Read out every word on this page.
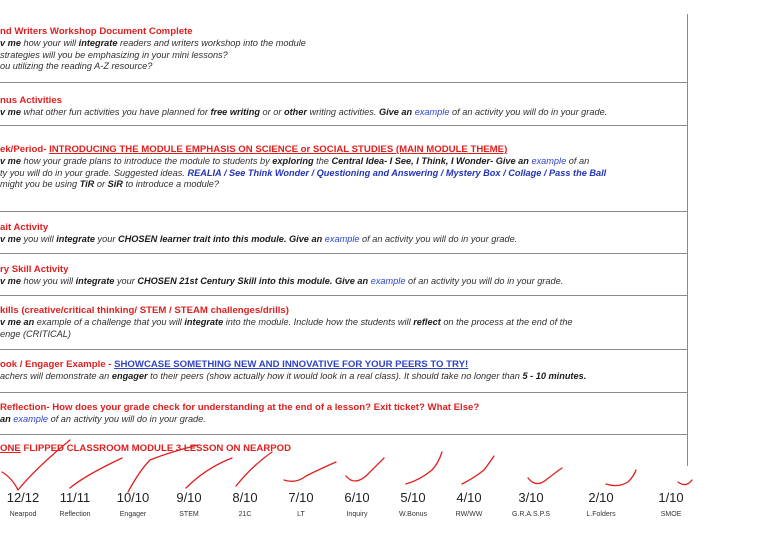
nd Writers Workshop Document Complete
v me how your will integrate readers and writers workshop into the module
strategies will you be emphasizing in your mini lessons?
ou utilizing the reading A-Z resource?
nus Activities
v me what other fun activities you have planned for free writing or or other writing activities. Give an example of an activity you will do in your grade.
ek/Period- INTRODUCING THE MODULE EMPHASIS ON SCIENCE or SOCIAL STUDIES (MAIN MODULE THEME)
v me how your grade plans to introduce the module to students by exploring the Central Idea- I See, I Think, I Wonder- Give an example of an
ty you will do in your grade. Suggested ideas. REALIA / See Think Wonder / Questioning and Answering / Mystery Box / Collage / Pass the Ball
might you be using TiR or SiR to introduce a module?
ait Activity
v me you will integrate your CHOSEN learner trait into this module. Give an example of an activity you will do in your grade.
ry Skill Activity
v me how you will integrate your CHOSEN 21st Century Skill into this module. Give an example of an activity you will do in your grade.
kills (creative/critical thinking/ STEM / STEAM challenges/drills)
v me an example of a challenge that you will integrate into the module. Include how the students will reflect on the process at the end of the
enge (CRITICAL)
ook / Engager Example - SHOWCASE SOMETHING NEW AND INNOVATIVE FOR YOUR PEERS TO TRY!
achers will demonstrate an engager to their peers (show actually how it would look in a real class). It should take no longer than 5 - 10 minutes.
Reflection- How does your grade check for understanding at the end of a lesson? Exit ticket? What Else?
an example of an activity you will do in your grade.
ONE FLIPPED CLASSROOM MODULE 3 LESSON ON NEARPOD
12/12
Nearpod
11/11
Reflection
10/10
Engager
9/10
STEM
8/10
21C
7/10
LT
6/10
Inquiry
5/10
W.Bonus
4/10
RW/WW
3/10
G.R.A.S.P.S
2/10
L.Folders
1/10
SMOE
